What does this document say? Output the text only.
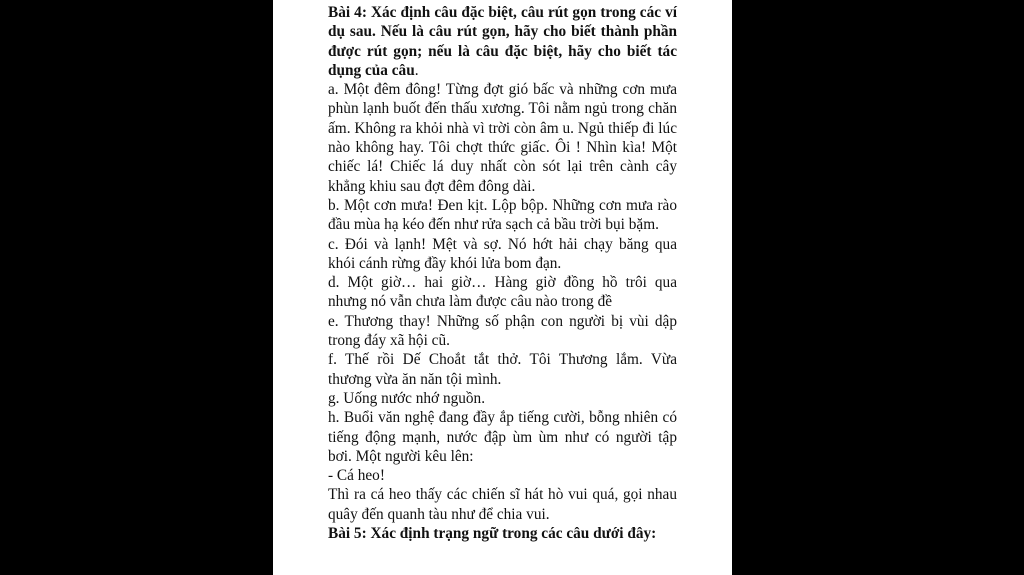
Bài 4: Xác định câu đặc biệt, câu rút gọn trong các ví dụ sau. Nếu là câu rút gọn, hãy cho biết thành phần được rút gọn; nếu là câu đặc biệt, hãy cho biết tác dụng của câu.

a. Một đêm đông! Từng đợt gió bấc và những cơn mưa phùn lạnh buốt đến thấu xương. Tôi nằm ngủ trong chăn ấm. Không ra khỏi nhà vì trời còn âm u. Ngủ thiếp đi lúc nào không hay. Tôi chợt thức giấc. Ôi ! Nhìn kìa! Một chiếc lá! Chiếc lá duy nhất còn sót lại trên cành cây khẳng khiu sau đợt đêm đông dài.

b. Một cơn mưa! Đen kịt. Lộp bộp. Những cơn mưa rào đầu mùa hạ kéo đến như rửa sạch cả bầu trời bụi bặm.

c. Đói và lạnh! Mệt và sợ. Nó hớt hải chạy băng qua khói cánh rừng đầy khói lửa bom đạn.

d. Một giờ… hai giờ… Hàng giờ đồng hồ trôi qua nhưng nó vẫn chưa làm được câu nào trong đề

e. Thương thay! Những số phận con người bị vùi dập trong đáy xã hội cũ.

f. Thế rồi Dế Choắt tắt thở. Tôi Thương lắm. Vừa thương vừa ăn năn tội mình.

g. Uống nước nhớ nguồn.

h. Buổi văn nghệ đang đầy ắp tiếng cười, bỗng nhiên có tiếng động mạnh, nước đập ùm ùm như có người tập bơi. Một người kêu lên:

- Cá heo!

Thì ra cá heo thấy các chiến sĩ hát hò vui quá, gọi nhau quây đến quanh tàu như để chia vui.

Bài 5: Xác định trạng ngữ trong các câu dưới đây:
